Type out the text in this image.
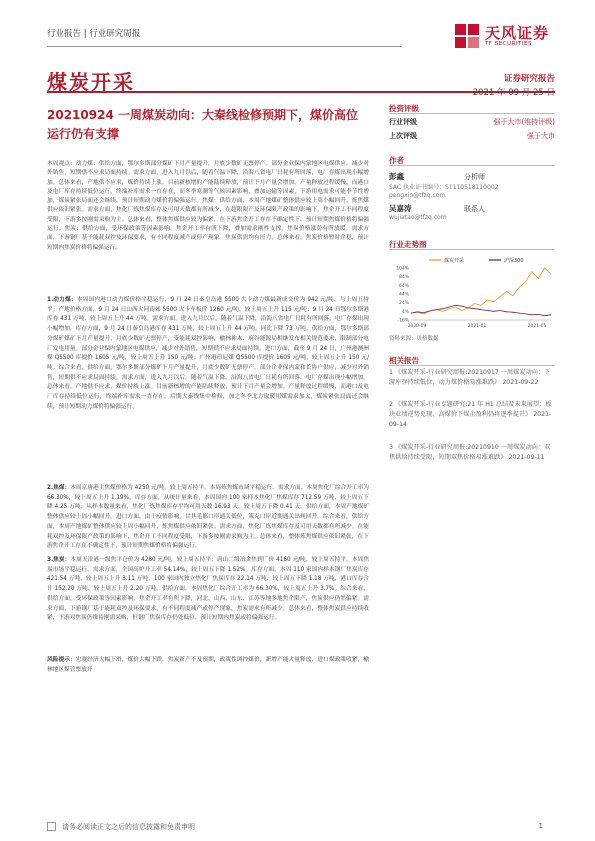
行业报告 | 行业研究周报	天风证券
TF SECURITIES
煤炭开采	证券研究报告
2021 年 09 月 25 日
20210924 一周煤炭动向：大秦线检修预期下，煤价高位运行仍有支撑
本周观点：动力煤：供给方面，鄂尔多斯部分煤矿下月产量提升，月底少数矿无票停产。部分企业保内蒙地区电煤供应，减少对外销售，短期供不应求局面持续。需求方面，进入九月以后，随着气温下降，沿海八省电厂日耗有所回落，电厂存煤出现小幅增加。总体来看，产地供不应求，煤价持续上涨。目前新核增的产能陆续释放，预计下月产量会增加。产量释放过程缓慢，而港口及电厂库存持续低位运行，终端补库需求一直存在，而冬季寒潮等气候因素影响，叠加运输等因素，下游用电需求可能季节性增加，煤炭紧张局面还会继续，预计短期动力煤价将偏强运行。焦煤：供给方面，本周产地煤矿整体供应较上周小幅回升，炼焦煤供应依旧紧张。需求方面，焦化厂炼焦煤库存及可用天数都有所减少，在超限限产及环保限产政策的影响下，焦企开工不同程度受限，下游多按刚需采购为主。总体来看，整体焦煤供应较为偏紧，在下游焦企开工存在不确定性下，预计短期焦煤价格将偏强运行。焦炭：供给方面，受环保政策等因素影响，焦企开工率有所下降，叠加需求刚性支撑，焦炭价格涨势有所放缓。需求方面，下游钢厂基于能耗双控及环保要求，有不同程度减产或停产现象。焦炭供需均有压力，总体来看，焦炭价格暂时企稳，预计短期内焦炭价格将偏强运行。
1.动力煤：本周国内港口动力煤价格平稳运行，9 月 24 日秦皇岛港 5500 大卡动力煤最新成交价为 942 元/吨，与上周五持平；产地价格方面，9 月 24 日山西大同南郊 5500 大卡车板价 1260 元/吨，较上周五上升 115 元/吨；9 月 24 日鄂尔多斯港库存 431 万吨，较上周五上升 44 万吨。需求方面，进入九月以后，随着气温下降，沿海八省电厂日耗有所回落，电厂存煤出现小幅增加，库存方面，9 月 24 日秦皇岛港库存 431 万吨，较上周五上升 44 万吨，同比下降 73 万吨。供给方面，鄂尔多斯部分煤矿煤矿下月产量提升，月底少数矿无票停产，受能耗双控影响，榆林神木、府谷能源局相继发布相关规范要求，限制部分电厂发电用量。部分企业保内蒙地区电煤供应，减少对外销售，短期供不应求局面持续。进口方面，截至 9 月 24 日，广州港澳洲煤 Q5500 库提价 1605 元/吨，较上周五上升 150 元/吨；广州港印尼煤 Q5500 库提价 1605 元/吨，较上周五上升 150 元/吨。综合来看，供给方面，鄂尔多斯部分煤矿下月产量提升，月底少数矿无票停产。部分企业保内蒙和长协户供应，减少对外销售，短期供不应求局面持续。需求方面，进入九月以后，随着气温下降，沿海八省电厂日耗有所回落，电厂存煤出现小幅增加。总体来看，产地供不应求，煤价持续上涨。目前新核增的产能陆续释放，预计下月产量会增加。产量释放过程缓慢，而港口及电厂库存持续低位运行，终端补库需求一直存在。后期大秦线集中检修，加之冬季北方取暖用煤需求加大，煤炭紧张局面还会继续，预计短期动力煤价将偏强运行。
2.焦煤：本周京唐港主焦煤价格为 4250 元/吨，较上周五持平。本周炼焦煤市场平稳运行。需求方面，本周焦化厂综合开工率为 66.30%，较上周五上升 1.19%。库存方面，从统计量来看，本周国内 100 家样本焦化厂焦煤库存 712.59 万吨，较上周五下降 4.25 万吨；从样本数量来看，焦化厂炼焦煤库存平均可用天数 16.93 天，较上周五下降 0.41 天。供给方面，本周产地煤矿整体供应较上周小幅回升。进口方面，由于疫情影响，甘其毛都口岸通关低位，策克口岸近期通关出现回升。综合来看，供给方面，本周产地煤矿整体供应较上周小幅回升，炼焦煤供应依旧紧张。需求方面，焦化厂炼焦煤库存及可用天数都有所减少。在能耗双控及环保限产政策的影响下，焦企开工不同程度受限，下游多按刚需采购为主。总体来看，整体炼焦煤供应依旧紧张，在下游焦企开工存在不确定性下，预计短期焦煤价格将偏强运行。
3.焦炭：本周天津港一级焦平仓价为 4280 元/吨，较上周五持平；唐山二级冶金焦到厂价 4160 元/吨，较上周五持平，本周焦炭市场平稳运行。需求方面，全国高炉开工率 54.14%，较上周五下降 1.52%。库存方面，本周 110 家国内样本钢厂焦炭库存 421.54 万吨，较上周五上升 3.11 万吨，100 家国内独立焦化厂焦炭库存 22.14 万吨，较上周五下降 1.18 万吨，港口库存合计 152.20 万吨，较上周五上升 2.20 万吨。供给方面，本周焦化厂综合开工率为 66.30%，较上周五上升 3.7%。综合来看，供给方面，受环保政策等因素影响，焦企开工率有所下降，河北、山西、山东、江苏等地多地焦企限产，焦炭供应仍然偏紧。需求方面，下游钢厂基于能耗双控及环保要求，有不同程度减产或停产现象，焦炭需求有所减少。总体来看，整体焦炭供应持续收紧，下游对焦炭仍维持刚需采购，但钢厂焦炭库存仍处低位，预计短期内焦炭或将偏强运行。
风险提示：宏观经济大幅下滑，煤价大幅下跌，焦炭新产不及预期，政策性调控煤价，新增产能大量释放，进口煤政策收紧，榆林地区煤管票放开
投资评级
行业评级	强于大市(维持评级)
上次评级	强于大市
作者
彭鑫	分析师
SAC 执业证书编号：S1110518110002
pengxin@tfzq.com
吴嘉涛	联系人
wujiatao@tfzq.com
行业走势图
104%
84%
64%
44%
24%
4%
-16%
2020-09	2021-01	2021-05
煤炭开采	沪深300
资料来源：贝格数据
相关报告
1 《煤炭开采-行业研究周报:20210917 一周煤炭动向：下游库存持续低位，动力煤价格易涨难跌》 2021-09-22
2 《煤炭开采-行业专题研究:21 年 H1 总结及未来展望：板块业绩逆势兑现，高煤价下煤企盈利仍将逐季提升》 2021-09-14
3 《煤炭开采-行业研究周报:20210910 一周煤炭动向：双焦供给持续受限，短期双焦价格易涨难跌》 2021-09-11
请务必阅读正文之后的信息披露和免责申明	1
